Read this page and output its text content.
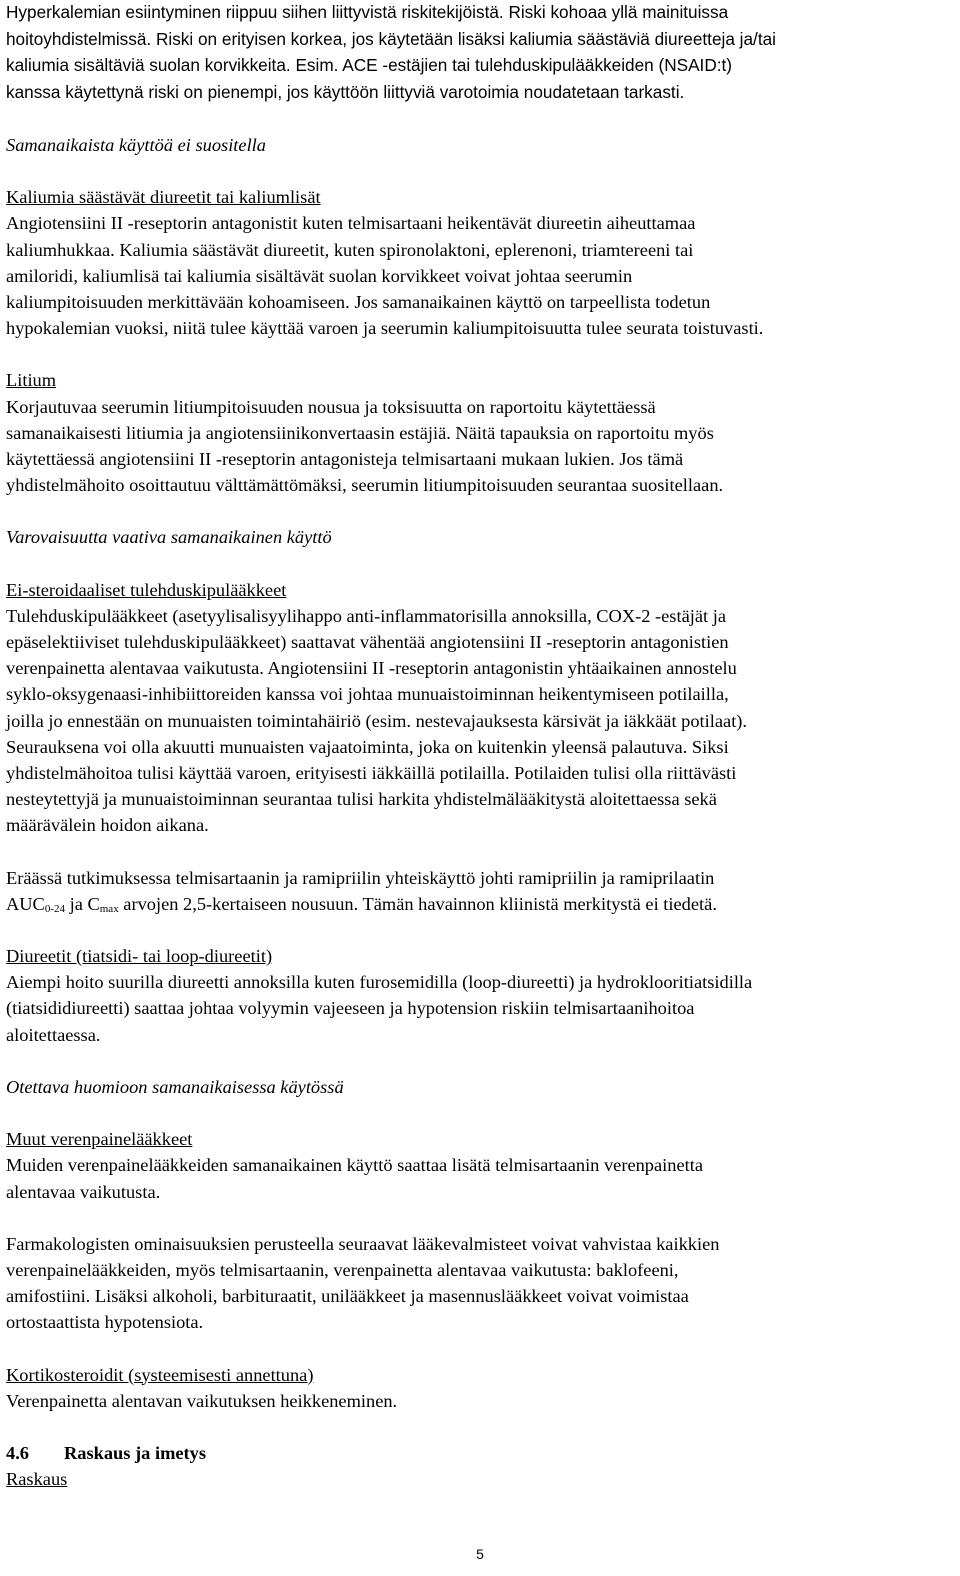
Hyperkalemian esiintyminen riippuu siihen liittyvistä riskitekijöistä. Riski kohoaa yllä mainituissa

hoitoyhdistelmissä. Riski on erityisen korkea, jos käytetään lisäksi kaliumia säästäviä diureetteja ja/tai

kaliumia sisältäviä suolan korvikkeita. Esim. ACE -estäjien tai tulehduskipulääkkeiden (NSAID:t)

kanssa käytettynä riski on pienempi, jos käyttöön liittyviä varotoimia noudatetaan tarkasti.

Samanaikaista käyttöä ei suositella

Kaliumia säästävät diureetit tai kaliumlisät

Angiotensiini II -reseptorin antagonistit kuten telmisartaani heikentävät diureetin aiheuttamaa

kaliumhukkaa. Kaliumia säästävät diureetit, kuten spironolaktoni, eplerenoni, triamtereeni tai

amiloridi, kaliumlisä tai kaliumia sisältävät suolan korvikkeet voivat johtaa seerumin

kaliumpitoisuuden merkittävään kohoamiseen. Jos samanaikainen käyttö on tarpeellista todetun

hypokalemian vuoksi, niitä tulee käyttää varoen ja seerumin kaliumpitoisuutta tulee seurata toistuvasti.

Litium

Korjautuvaa seerumin litiumpitoisuuden nousua ja toksisuutta on raportoitu käytettäessä

samanaikaisesti litiumia ja angiotensiinikonvertaasin estäjiä. Näitä tapauksia on raportoitu myös

käytettäessä angiotensiini II -reseptorin antagonisteja telmisartaani mukaan lukien. Jos tämä

yhdistelmähoito osoittautuu välttämättömäksi, seerumin litiumpitoisuuden seurantaa suositellaan.

Varovaisuutta vaativa samanaikainen käyttö

Ei-steroidaaliset tulehduskipulääkkeet

Tulehduskipulääkkeet (asetyylisalisyylihappo anti-inflammatorisilla annoksilla, COX-2 -estäjät ja

epäselektiiviset tulehduskipulääkkeet) saattavat vähentää angiotensiini II -reseptorin antagonistien

verenpainetta alentavaa vaikutusta. Angiotensiini II -reseptorin antagonistin yhtäaikainen annostelu

syklo-oksygenaasi-inhibiittoreiden kanssa voi johtaa munuaistoiminnan heikentymiseen potilailla,

joilla jo ennestään on munuaisten toimintahäiriö (esim. nestevajauksesta kärsivät ja iäkkäät potilaat).

Seurauksena voi olla akuutti munuaisten vajaatoiminta, joka on kuitenkin yleensä palautuva. Siksi

yhdistelmähoitoa tulisi käyttää varoen, erityisesti iäkkäillä potilailla. Potilaiden tulisi olla riittävästi

nesteytettyjä ja munuaistoiminnan seurantaa tulisi harkita yhdistelmälääkitystä aloitettaessa sekä

määrävälein hoidon aikana.

Eräässä tutkimuksessa telmisartaanin ja ramipriilin yhteiskäyttö johti ramipriilin ja ramiprilaatin

AUC0-24 ja Cmax arvojen 2,5-kertaiseen nousuun. Tämän havainnon kliinistä merkitystä ei tiedetä.

Diureetit (tiatsidi- tai loop-diureetit)

Aiempi hoito suurilla diureetti annoksilla kuten furosemidilla (loop-diureetti) ja hydroklooritiatsidilla

(tiatsididiureetti) saattaa johtaa volyymin vajeeseen ja hypotension riskiin telmisartaanihoitoa

aloitettaessa.

Otettava huomioon samanaikaisessa käytössä

Muut verenpainelääkkeet

Muiden verenpainelääkkeiden samanaikainen käyttö saattaa lisätä telmisartaanin verenpainetta

alentavaa vaikutusta.

Farmakologisten ominaisuuksien perusteella seuraavat lääkevalmisteet voivat vahvistaa kaikkien

verenpainelääkkeiden, myös telmisartaanin, verenpainetta alentavaa vaikutusta: baklofeeni,

amifostiini. Lisäksi alkoholi, barbituraatit, unilääkkeet ja masennuslääkkeet voivat voimistaa

ortostaattista hypotensiota.

Kortikosteroidit (systeemisesti annettuna)

Verenpainetta alentavan vaikutuksen heikkeneminen.

4.6 Raskaus ja imetys

Raskaus

5
